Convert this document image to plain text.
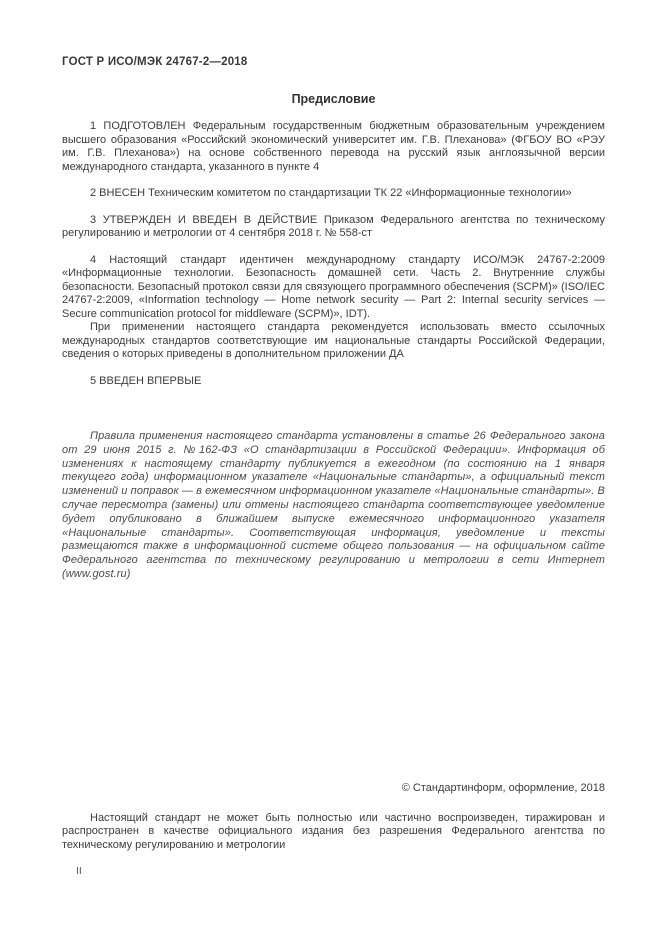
ГОСТ Р ИСО/МЭК 24767-2—2018
Предисловие
1 ПОДГОТОВЛЕН Федеральным государственным бюджетным образовательным учреждением высшего образования «Российский экономический университет им. Г.В. Плеханова» (ФГБОУ ВО «РЭУ им. Г.В. Плеханова») на основе собственного перевода на русский язык англоязычной версии международного стандарта, указанного в пункте 4
2 ВНЕСЕН Техническим комитетом по стандартизации ТК 22 «Информационные технологии»
3 УТВЕРЖДЕН И ВВЕДЕН В ДЕЙСТВИЕ Приказом Федерального агентства по техническому регулированию и метрологии от 4 сентября 2018 г. № 558-ст
4 Настоящий стандарт идентичен международному стандарту ИСО/МЭК 24767-2:2009 «Информационные технологии. Безопасность домашней сети. Часть 2. Внутренние службы безопасности. Безопасный протокол связи для связующего программного обеспечения (SCPM)» (ISO/IEC 24767-2:2009, «Information technology — Home network security — Part 2: Internal security services — Secure communication protocol for middleware (SCPM)», IDT).
При применении настоящего стандарта рекомендуется использовать вместо ссылочных международных стандартов соответствующие им национальные стандарты Российской Федерации, сведения о которых приведены в дополнительном приложении ДА
5 ВВЕДЕН ВПЕРВЫЕ
Правила применения настоящего стандарта установлены в статье 26 Федерального закона от 29 июня 2015 г. №162-ФЗ «О стандартизации в Российской Федерации». Информация об изменениях к настоящему стандарту публикуется в ежегодном (по состоянию на 1 января текущего года) информационном указателе «Национальные стандарты», а официальный текст изменений и поправок — в ежемесячном информационном указателе «Национальные стандарты». В случае пересмотра (замены) или отмены настоящего стандарта соответствующее уведомление будет опубликовано в ближайшем выпуске ежемесячного информационного указателя «Национальные стандарты». Соответствующая информация, уведомление и тексты размещаются также в информационной системе общего пользования — на официальном сайте Федерального агентства по техническому регулированию и метрологии в сети Интернет (www.gost.ru)
© Стандартинформ, оформление, 2018
Настоящий стандарт не может быть полностью или частично воспроизведен, тиражирован и распространен в качестве официального издания без разрешения Федерального агентства по техническому регулированию и метрологии
II
